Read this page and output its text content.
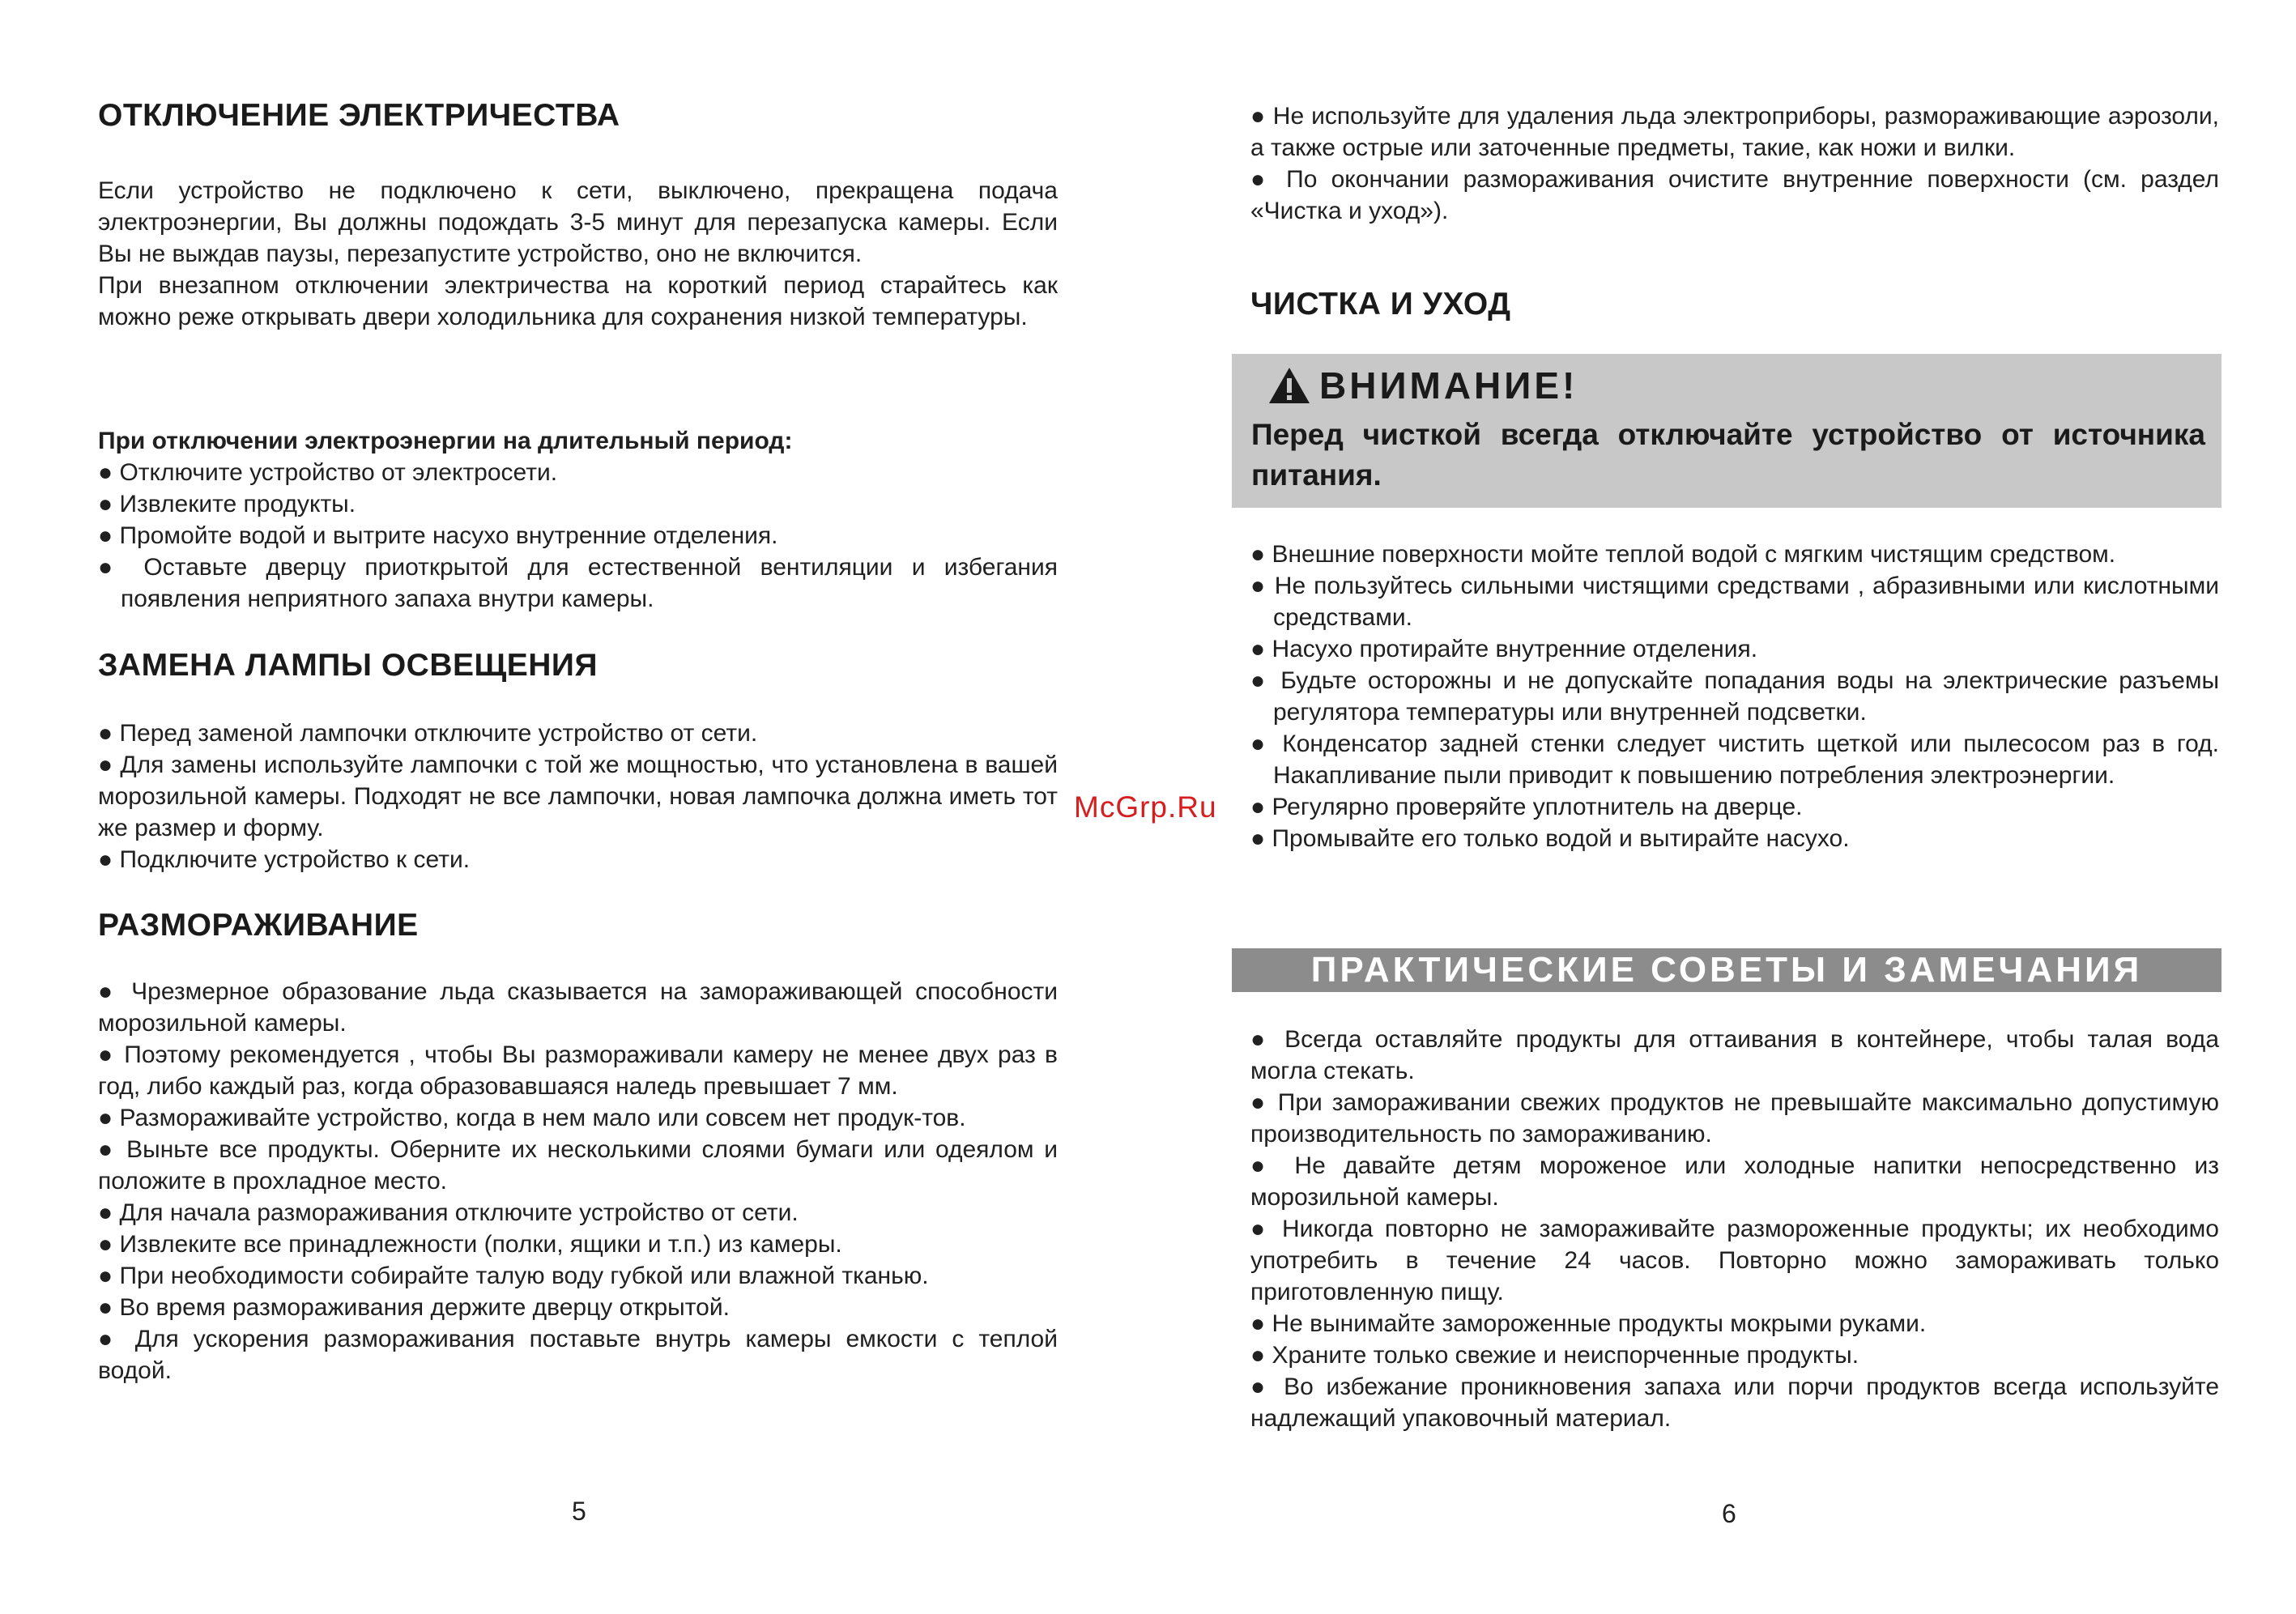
ОТКЛЮЧЕНИЕ ЭЛЕКТРИЧЕСТВА

Если устройство не подключено к сети, выключено, прекращена подача электроэнергии, Вы должны подождать 3-5 минут для перезапуска камеры. Если Вы не выждав паузы, перезапустите устройство, оно не включится.

При внезапном отключении электричества на короткий период старайтесь как можно реже открывать двери холодильника для сохранения низкой температуры.

При отключении электроэнергии на длительный период:

● Отключите устройство от электросети.

● Извлеките продукты.

● Промойте водой и вытрите насухо внутренние отделения.

● Оставьте дверцу приоткрытой для естественной вентиляции и избегания появления неприятного запаха внутри камеры.

ЗАМЕНА ЛАМПЫ ОСВЕЩЕНИЯ

● Перед заменой лампочки отключите устройство от сети.

● Для замены используйте лампочки с той же мощностью, что установлена в вашей морозильной камеры. Подходят не все лампочки, новая лампочка должна иметь тот же размер и форму.

● Подключите устройство к сети.

РАЗМОРАЖИВАНИЕ

● Чрезмерное образование льда сказывается на замораживающей способности морозильной камеры.

● Поэтому рекомендуется , чтобы Вы размораживали камеру не менее двух раз в год, либо каждый раз, когда образовавшаяся наледь превышает 7 мм.

● Размораживайте устройство, когда в нем мало или совсем нет продук-тов.

● Выньте все продукты. Оберните их несколькими слоями бумаги или одеялом и положите в прохладное место.

● Для начала размораживания отключите устройство от сети.

● Извлеките все принадлежности (полки, ящики и т.п.) из камеры.

● При необходимости собирайте талую воду губкой или влажной тканью.

● Во время размораживания держите дверцу открытой.

● Для ускорения размораживания поставьте внутрь камеры емкости с теплой водой.

5
McGrp.Ru

● Не используйте для удаления льда электроприборы, размораживающие аэрозоли, а также острые или заточенные предметы, такие, как ножи и вилки.

● По окончании размораживания очистите внутренние поверхности (см. раздел «Чистка и уход»).

ЧИСТКА И УХОД
ВНИМАНИЕ!
Перед чисткой всегда отключайте устройство от источника питания.

● Внешние поверхности мойте теплой водой с мягким чистящим средством.

● Не пользуйтесь сильными чистящими средствами , абразивными или кислотными средствами.

● Насухо протирайте внутренние отделения.

● Будьте осторожны и не допускайте попадания воды на электрические разъемы регулятора температуры или внутренней подсветки.

● Конденсатор задней стенки следует чистить щеткой или пылесосом раз в год. Накапливание пыли приводит к повышению потребления электроэнергии.

● Регулярно проверяйте уплотнитель на дверце.

● Промывайте его только водой и вытирайте насухо.

ПРАКТИЧЕСКИЕ СОВЕТЫ И ЗАМЕЧАНИЯ

● Всегда оставляйте продукты для оттаивания в контейнере, чтобы талая вода могла стекать.

● При замораживании свежих продуктов не превышайте максимально допустимую производительность по замораживанию.

● Не давайте детям мороженое или холодные напитки непосредственно из морозильной камеры.

● Никогда повторно не замораживайте размороженные продукты; их необходимо употребить в течение 24 часов. Повторно можно замораживать только приготовленную пищу.

● Не вынимайте замороженные продукты мокрыми руками.

● Храните только свежие и неиспорченные продукты.

● Во избежание проникновения запаха или порчи продуктов всегда используйте надлежащий упаковочный материал.

6
